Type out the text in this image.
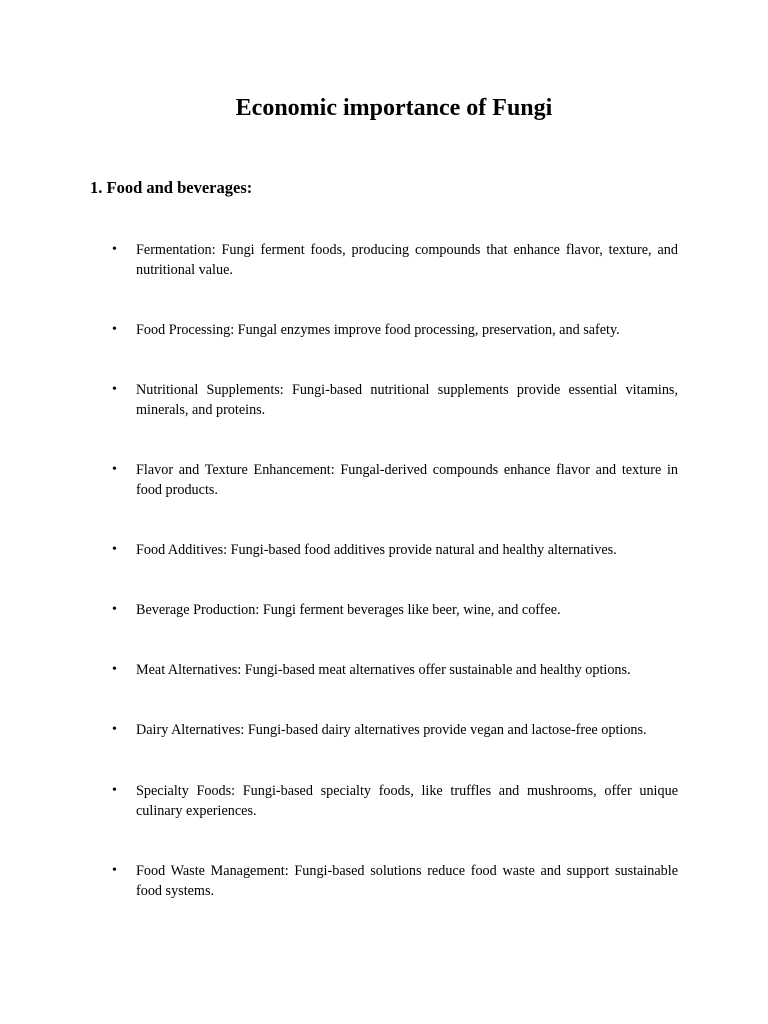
Economic importance of Fungi
1. Food and beverages:
•	Fermentation: Fungi ferment foods, producing compounds that enhance flavor, texture, and nutritional value.
•	Food Processing: Fungal enzymes improve food processing, preservation, and safety.
•	Nutritional Supplements: Fungi-based nutritional supplements provide essential vitamins, minerals, and proteins.
•	Flavor and Texture Enhancement: Fungal-derived compounds enhance flavor and texture in food products.
•	Food Additives: Fungi-based food additives provide natural and healthy alternatives.
•	Beverage Production: Fungi ferment beverages like beer, wine, and coffee.
•	Meat Alternatives: Fungi-based meat alternatives offer sustainable and healthy options.
•	Dairy Alternatives: Fungi-based dairy alternatives provide vegan and lactose-free options.
•	Specialty Foods: Fungi-based specialty foods, like truffles and mushrooms, offer unique culinary experiences.
•	Food Waste Management: Fungi-based solutions reduce food waste and support sustainable food systems.
